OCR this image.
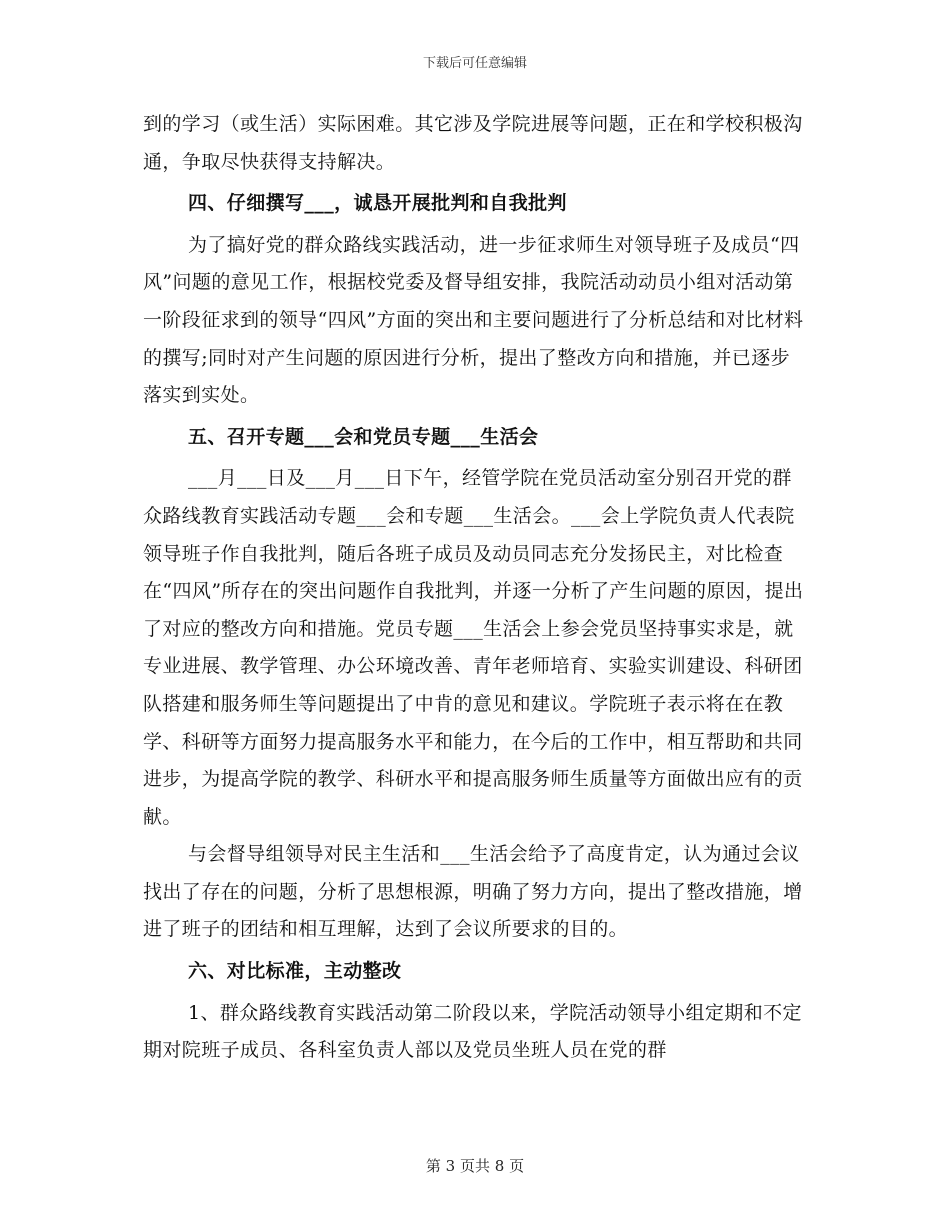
下载后可任意编辑

到的学习（或生活）实际困难。其它涉及学院进展等问题，正在和学校积极沟通，争取尽快获得支持解决。

四、仔细撰写___，诚恳开展批判和自我批判

为了搞好党的群众路线实践活动，进一步征求师生对领导班子及成员“四风”问题的意见工作，根据校党委及督导组安排，我院活动动员小组对活动第一阶段征求到的领导“四风”方面的突出和主要问题进行了分析总结和对比材料的撰写;同时对产生问题的原因进行分析，提出了整改方向和措施，并已逐步落实到实处。

五、召开专题___会和党员专题___生活会

___月___日及___月___日下午，经管学院在党员活动室分别召开党的群众路线教育实践活动专题___会和专题___生活会。___会上学院负责人代表院领导班子作自我批判，随后各班子成员及动员同志充分发扬民主，对比检查在“四风”所存在的突出问题作自我批判，并逐一分析了产生问题的原因，提出了对应的整改方向和措施。党员专题___生活会上参会党员坚持事实求是，就专业进展、教学管理、办公环境改善、青年老师培育、实验实训建设、科研团队搭建和服务师生等问题提出了中肯的意见和建议。学院班子表示将在在教学、科研等方面努力提高服务水平和能力，在今后的工作中，相互帮助和共同进步，为提高学院的教学、科研水平和提高服务师生质量等方面做出应有的贡献。

与会督导组领导对民主生活和___生活会给予了高度肯定，认为通过会议找出了存在的问题，分析了思想根源，明确了努力方向，提出了整改措施，增进了班子的团结和相互理解，达到了会议所要求的目的。

六、对比标准，主动整改

1、群众路线教育实践活动第二阶段以来，学院活动领导小组定期和不定期对院班子成员、各科室负责人部以及党员坐班人员在党的群

第 3 页共 8 页
